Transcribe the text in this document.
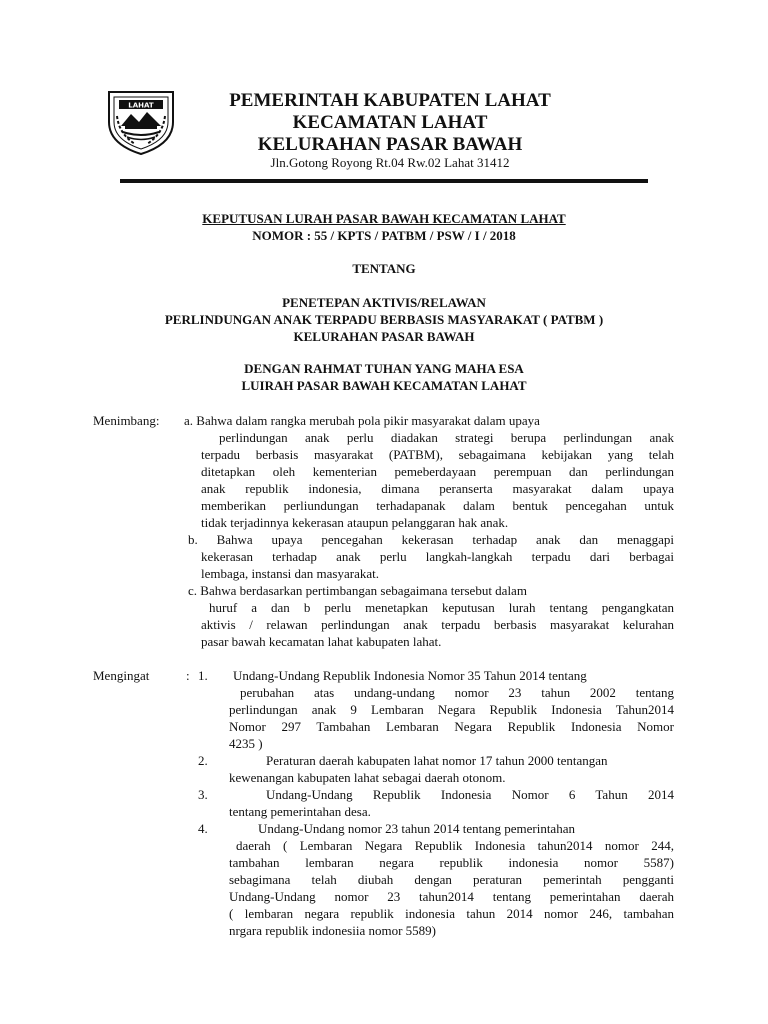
LAHAT	PEMERINTAH KABUPATEN LAHAT
KECAMATAN LAHAT
KELURAHAN PASAR BAWAH
Jln.Gotong Royong Rt.04 Rw.02 Lahat 31412
KEPUTUSAN LURAH PASAR BAWAH KECAMATAN LAHAT
NOMOR : 55 / KPTS / PATBM / PSW / I / 2018
TENTANG
PENETEPAN AKTIVIS/RELAWAN
PERLINDUNGAN ANAK TERPADU BERBASIS MASYARAKAT ( PATBM )
KELURAHAN PASAR BAWAH
DENGAN RAHMAT TUHAN YANG MAHA ESA
LUIRAH PASAR BAWAH KECAMATAN LAHAT
Menimbang: a. Bahwa dalam rangka merubah pola pikir masyarakat dalam upaya
perlindungan anak perlu diadakan strategi berupa perlindungan anak
terpadu berbasis masyarakat (PATBM), sebagaimana kebijakan yang telah
ditetapkan oleh kementerian pemeberdayaan perempuan dan perlindungan
anak republik indonesia, dimana peranserta masyarakat dalam upaya
memberikan perliundungan terhadapanak dalam bentuk pencegahan untuk
tidak terjadinnya kekerasan ataupun pelanggaran hak anak.
b. Bahwa upaya pencegahan kekerasan terhadap anak dan menaggapi
kekerasan terhadap anak perlu langkah-langkah terpadu dari berbagai
lembaga, instansi dan masyarakat.
c. Bahwa berdasarkan pertimbangan sebagaimana tersebut dalam
huruf a dan b perlu menetapkan keputusan lurah tentang pengangkatan
aktivis / relawan perlindungan anak terpadu berbasis masyarakat kelurahan
pasar bawah kecamatan lahat kabupaten lahat.
Mengingat	: 1. Undang-Undang Republik Indonesia Nomor 35 Tahun 2014 tentang
perubahan atas undang-undang nomor 23 tahun 2002 tentang
perlindungan anak 9 Lembaran Negara Republik Indonesia Tahun2014
Nomor 297 Tambahan Lembaran Negara Republik Indonesia Nomor
4235 )
2.	Peraturan daerah kabupaten lahat nomor 17 tahun 2000 tentangan
kewenangan kabupaten lahat sebagai daerah otonom.
3.	Undang-Undang Republik Indonesia Nomor 6 Tahun 2014
tentang pemerintahan desa.
4.	Undang-Undang nomor 23 tahun 2014 tentang pemerintahan
daerah ( Lembaran Negara Republik Indonesia tahun2014 nomor 244,
tambahan lembaran negara republik indonesia nomor 5587)
sebagimana telah diubah dengan peraturan pemerintah pengganti
Undang-Undang nomor 23 tahun2014 tentang pemerintahan daerah
( lembaran negara republik indonesia tahun 2014 nomor 246, tambahan
nrgara republik indonesiia nomor 5589)
